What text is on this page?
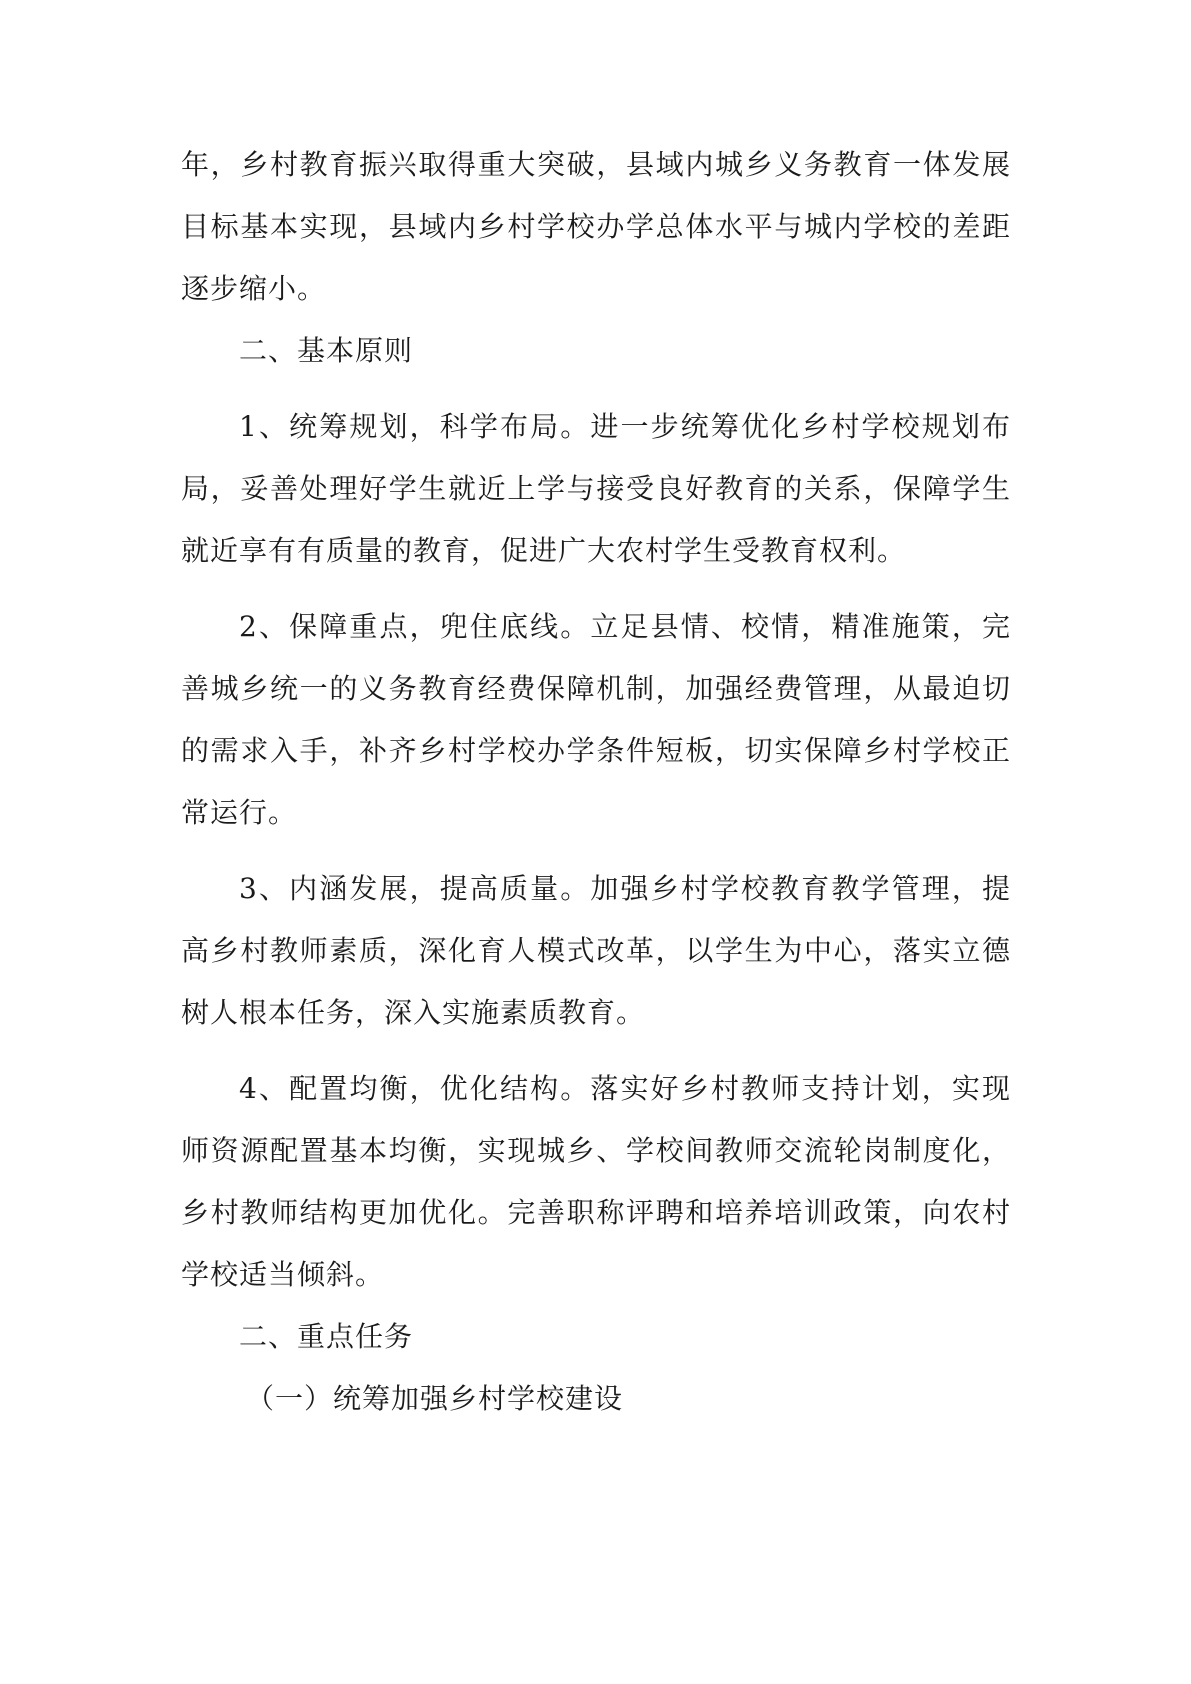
年，乡村教育振兴取得重大突破，县域内城乡义务教育一体发展目标基本实现，县域内乡村学校办学总体水平与城内学校的差距逐步缩小。

二、基本原则

1、统筹规划，科学布局。进一步统筹优化乡村学校规划布局，妥善处理好学生就近上学与接受良好教育的关系，保障学生就近享有有质量的教育，促进广大农村学生受教育权利。

2、保障重点，兜住底线。立足县情、校情，精准施策，完善城乡统一的义务教育经费保障机制，加强经费管理，从最迫切的需求入手，补齐乡村学校办学条件短板，切实保障乡村学校正常运行。

3、内涵发展，提高质量。加强乡村学校教育教学管理，提高乡村教师素质，深化育人模式改革，以学生为中心，落实立德树人根本任务，深入实施素质教育。

4、配置均衡，优化结构。落实好乡村教师支持计划，实现师资源配置基本均衡，实现城乡、学校间教师交流轮岗制度化，乡村教师结构更加优化。完善职称评聘和培养培训政策，向农村学校适当倾斜。

二、重点任务

（一）统筹加强乡村学校建设
